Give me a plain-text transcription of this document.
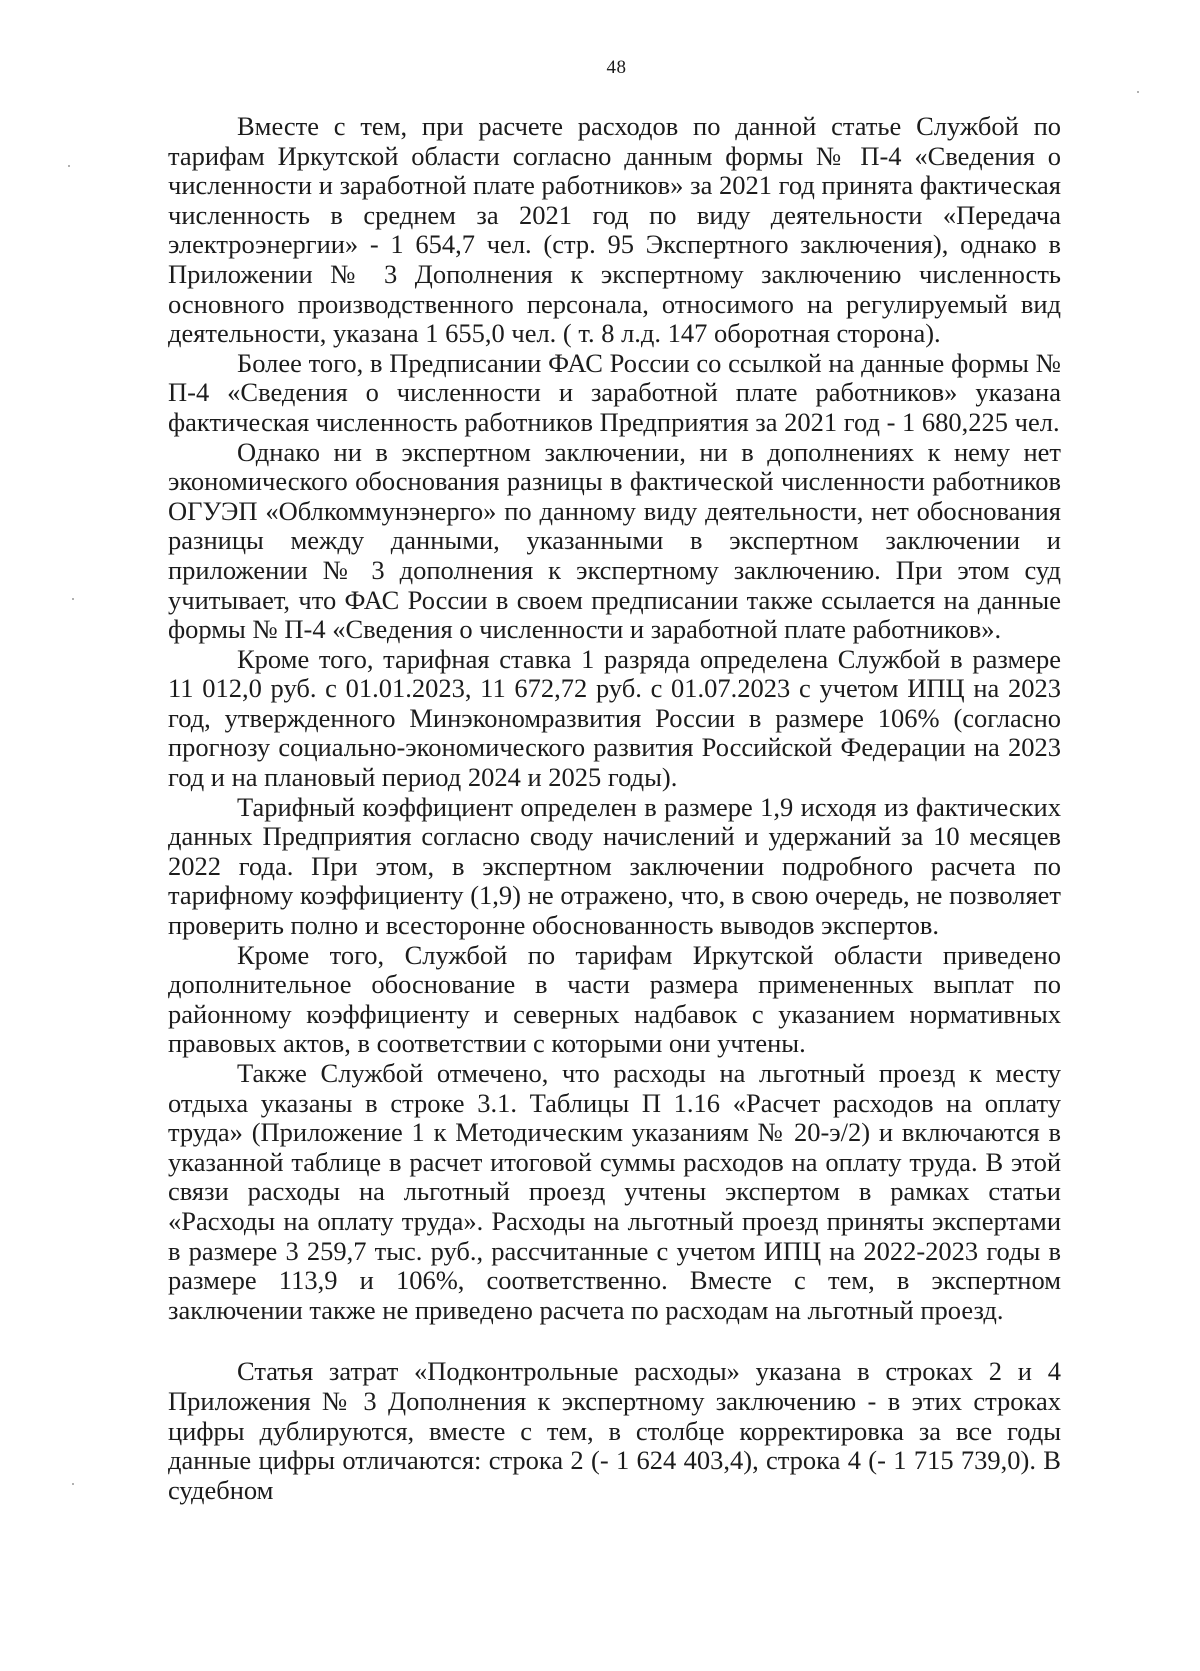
48

Вместе с тем, при расчете расходов по данной статье Службой по тарифам Иркутской области согласно данным формы № П-4 «Сведения о численности и заработной плате работников» за 2021 год принята фактическая численность в среднем за 2021 год по виду деятельности «Передача электроэнергии» - 1 654,7 чел. (стр. 95 Экспертного заключения), однако в Приложении № 3 Дополнения к экспертному заключению численность основного производственного персонала, относимого на регулируемый вид деятельности, указана 1 655,0 чел. ( т. 8 л.д. 147 оборотная сторона).

Более того, в Предписании ФАС России со ссылкой на данные формы № П-4 «Сведения о численности и заработной плате работников» указана фактическая численность работников Предприятия за 2021 год - 1 680,225 чел.

Однако ни в экспертном заключении, ни в дополнениях к нему нет экономического обоснования разницы в фактической численности работников ОГУЭП «Облкоммунэнерго» по данному виду деятельности, нет обоснования разницы между данными, указанными в экспертном заключении и приложении № 3 дополнения к экспертному заключению. При этом суд учитывает, что ФАС России в своем предписании также ссылается на данные формы № П-4 «Сведения о численности и заработной плате работников».

Кроме того, тарифная ставка 1 разряда определена Службой в размере 11 012,0 руб. с 01.01.2023, 11 672,72 руб. с 01.07.2023 с учетом ИПЦ на 2023 год, утвержденного Минэкономразвития России в размере 106% (согласно прогнозу социально-экономического развития Российской Федерации на 2023 год и на плановый период 2024 и 2025 годы).

Тарифный коэффициент определен в размере 1,9 исходя из фактических данных Предприятия согласно своду начислений и удержаний за 10 месяцев 2022 года. При этом, в экспертном заключении подробного расчета по тарифному коэффициенту (1,9) не отражено, что, в свою очередь, не позволяет проверить полно и всесторонне обоснованность выводов экспертов.

Кроме того, Службой по тарифам Иркутской области приведено дополнительное обоснование в части размера примененных выплат по районному коэффициенту и северных надбавок с указанием нормативных правовых актов, в соответствии с которыми они учтены.

Также Службой отмечено, что расходы на льготный проезд к месту отдыха указаны в строке 3.1. Таблицы П 1.16 «Расчет расходов на оплату труда» (Приложение 1 к Методическим указаниям № 20-э/2) и включаются в указанной таблице в расчет итоговой суммы расходов на оплату труда. В этой связи расходы на льготный проезд учтены экспертом в рамках статьи «Расходы на оплату труда». Расходы на льготный проезд приняты экспертами в размере 3 259,7 тыс. руб., рассчитанные с учетом ИПЦ на 2022-2023 годы в размере 113,9 и 106%, соответственно. Вместе с тем, в экспертном заключении также не приведено расчета по расходам на льготный проезд.

Статья затрат «Подконтрольные расходы» указана в строках 2 и 4 Приложения № 3 Дополнения к экспертному заключению - в этих строках цифры дублируются, вместе с тем, в столбце корректировка за все годы данные цифры отличаются: строка 2 (- 1 624 403,4), строка 4 (- 1 715 739,0). В судебном
